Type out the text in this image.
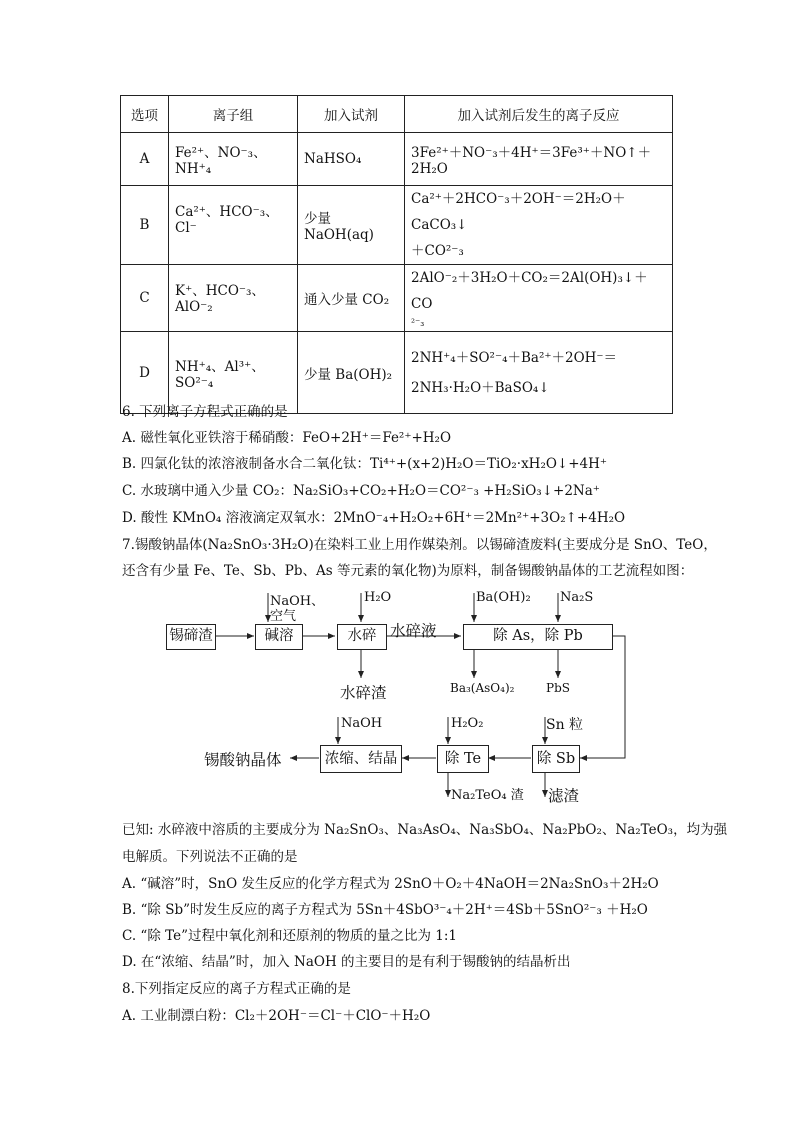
选项	离子组	加入试剂	加入试剂后发生的离子反应
A	Fe²⁺、NO⁻₃、NH⁺₄	NaHSO₄	3Fe²⁺＋NO⁻₃＋4H⁺＝3Fe³⁺＋NO↑＋2H₂O
B	Ca²⁺、HCO⁻₃、Cl⁻	少量 NaOH(aq)	Ca²⁺＋2HCO⁻₃＋2OH⁻＝2H₂O＋CaCO₃↓
＋CO²⁻₃

C	K⁺、HCO⁻₃、AlO⁻₂	通入少量 CO₂	2AlO⁻₂＋3H₂O＋CO₂＝2Al(OH)₃↓＋CO
²⁻₃

D	NH⁺₄、Al³⁺、SO²⁻₄	少量 Ba(OH)₂	2NH⁺₄＋SO²⁻₄＋Ba²⁺＋2OH⁻＝
2NH₃·H₂O＋BaSO₄↓
6. 下列离子方程式正确的是
A. 磁性氧化亚铁溶于稀硝酸：FeO+2H⁺＝Fe²⁺+H₂O
B. 四氯化钛的浓溶液制备水合二氧化钛：Ti⁴⁺+(x+2)H₂O＝TiO₂·xH₂O↓+4H⁺
C. 水玻璃中通入少量 CO₂：Na₂SiO₃+CO₂+H₂O＝CO²⁻₃ +H₂SiO₃↓+2Na⁺
D. 酸性 KMnO₄ 溶液滴定双氧水：2MnO⁻₄+H₂O₂+6H⁺＝2Mn²⁺+3O₂↑+4H₂O
7.锡酸钠晶体(Na₂SnO₃·3H₂O)在染料工业上用作媒染剂。以锡碲渣废料(主要成分是 SnO、TeO，
还含有少量 Fe、Te、Sb、Pb、As 等元素的氧化物)为原料，制备锡酸钠晶体的工艺流程如图：
锡碲渣	碱溶	水碎	除 As，除 Pb
NaOH、
空气
H₂O
水碎液
Ba(OH)₂ Na₂S
水碎渣	Ba₃(AsO₄)₂	PbS
浓缩、结晶	除 Te	除 Sb
NaOH	H₂O₂	Sn 粒
Na₂TeO₄ 渣 滤渣
锡酸钠晶体
已知: 水碎液中溶质的主要成分为 Na₂SnO₃、Na₃AsO₄、Na₃SbO₄、Na₂PbO₂、Na₂TeO₃，均为强
电解质。下列说法不正确的是
A. “碱溶”时，SnO 发生反应的化学方程式为 2SnO＋O₂＋4NaOH＝2Na₂SnO₃＋2H₂O
B. “除 Sb”时发生反应的离子方程式为 5Sn＋4SbO³⁻₄＋2H⁺＝4Sb＋5SnO²⁻₃ ＋H₂O
C. “除 Te”过程中氧化剂和还原剂的物质的量之比为 1:1
D. 在“浓缩、结晶”时，加入 NaOH 的主要目的是有利于锡酸钠的结晶析出
8.下列指定反应的离子方程式正确的是
A. 工业制漂白粉：Cl₂＋2OH⁻＝Cl⁻＋ClO⁻＋H₂O
